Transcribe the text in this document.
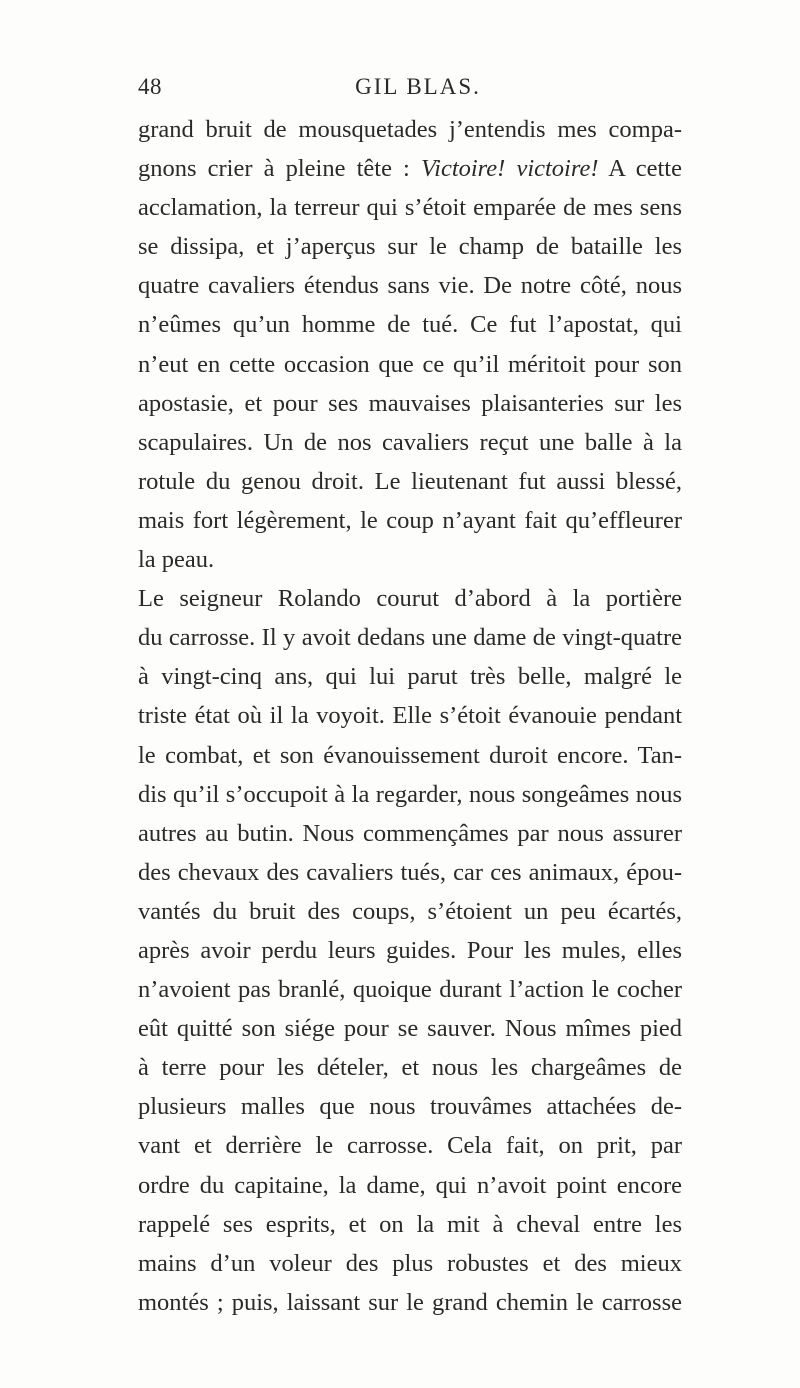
48	GIL BLAS.
grand bruit de mousquetades j’entendis mes compa-
gnons crier à pleine tête : Victoire! victoire! A cette
acclamation, la terreur qui s’étoit emparée de mes sens
se dissipa, et j’aperçus sur le champ de bataille les
quatre cavaliers étendus sans vie. De notre côté, nous
n’eûmes qu’un homme de tué. Ce fut l’apostat, qui
n’eut en cette occasion que ce qu’il méritoit pour son
apostasie, et pour ses mauvaises plaisanteries sur les
scapulaires. Un de nos cavaliers reçut une balle à la
rotule du genou droit. Le lieutenant fut aussi blessé,
mais fort légèrement, le coup n’ayant fait qu’effleurer
la peau.
Le seigneur Rolando courut d’abord à la portière
du carrosse. Il y avoit dedans une dame de vingt-quatre
à vingt-cinq ans, qui lui parut très belle, malgré le
triste état où il la voyoit. Elle s’étoit évanouie pendant
le combat, et son évanouissement duroit encore. Tan-
dis qu’il s’occupoit à la regarder, nous songeâmes nous
autres au butin. Nous commençâmes par nous assurer
des chevaux des cavaliers tués, car ces animaux, épou-
vantés du bruit des coups, s’étoient un peu écartés,
après avoir perdu leurs guides. Pour les mules, elles
n’avoient pas branlé, quoique durant l’action le cocher
eût quitté son siége pour se sauver. Nous mîmes pied
à terre pour les dételer, et nous les chargeâmes de
plusieurs malles que nous trouvâmes attachées de-
vant et derrière le carrosse. Cela fait, on prit, par
ordre du capitaine, la dame, qui n’avoit point encore
rappelé ses esprits, et on la mit à cheval entre les
mains d’un voleur des plus robustes et des mieux
montés ; puis, laissant sur le grand chemin le carrosse
